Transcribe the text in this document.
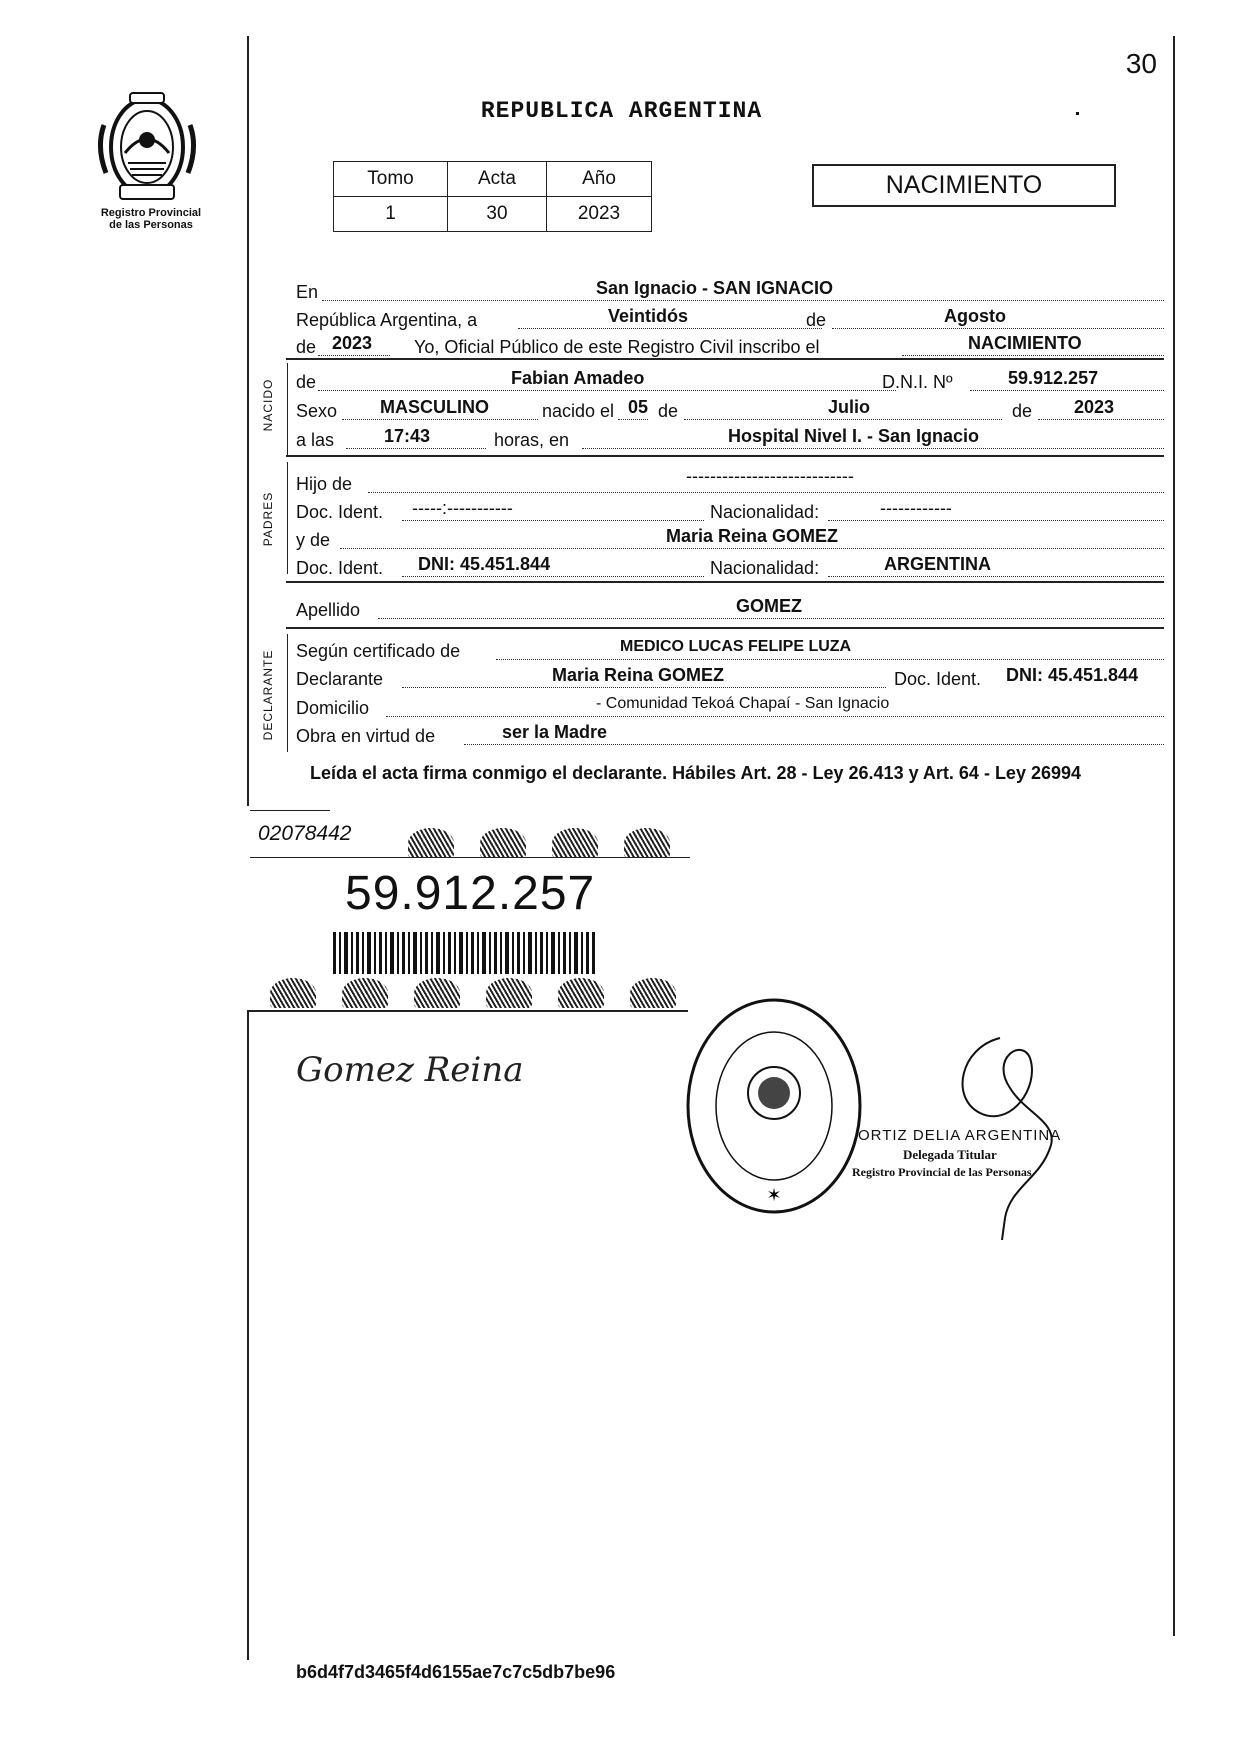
Registro Provincial
de las Personas
30
REPUBLICA ARGENTINA
Tomo	Acta	Año
1	30	2023
NACIMIENTO
En	San Ignacio - SAN IGNACIO
República Argentina, a	Veintidós	de	Agosto
de 2023 Yo, Oficial Público de este Registro Civil inscribo el	NACIMIENTO
NACIDO de	Fabian Amadeo	D.N.I. Nº	59.912.257
Sexo MASCULINO	nacido el 05 de	Julio	de 2023
a las	17:43	horas, en	Hospital Nivel I. - San Ignacio
PADRES
Hijo de	----------------------------
Doc. Ident. -----:-----------	Nacionalidad:	------------
y de	Maria Reina GOMEZ
Doc. Ident. DNI: 45.451.844	Nacionalidad:	ARGENTINA
Apellido	GOMEZ
DECLARANTE Según certificado de	MEDICO LUCAS FELIPE LUZA
Declarante	Maria Reina GOMEZ	Doc. Ident. DNI: 45.451.844
Domicilio	- Comunidad Tekoá Chapaí - San Ignacio
Obra en virtud de	ser la Madre
Leída el acta firma conmigo el declarante. Hábiles Art. 28 - Ley 26.413 y Art. 64 - Ley 26994
02078442
59.912.257
Gomez Reina
✶
ORTIZ DELIA ARGENTINA
Delegada Titular
Registro Provincial de las Personas
b6d4f7d3465f4d6155ae7c7c5db7be96
